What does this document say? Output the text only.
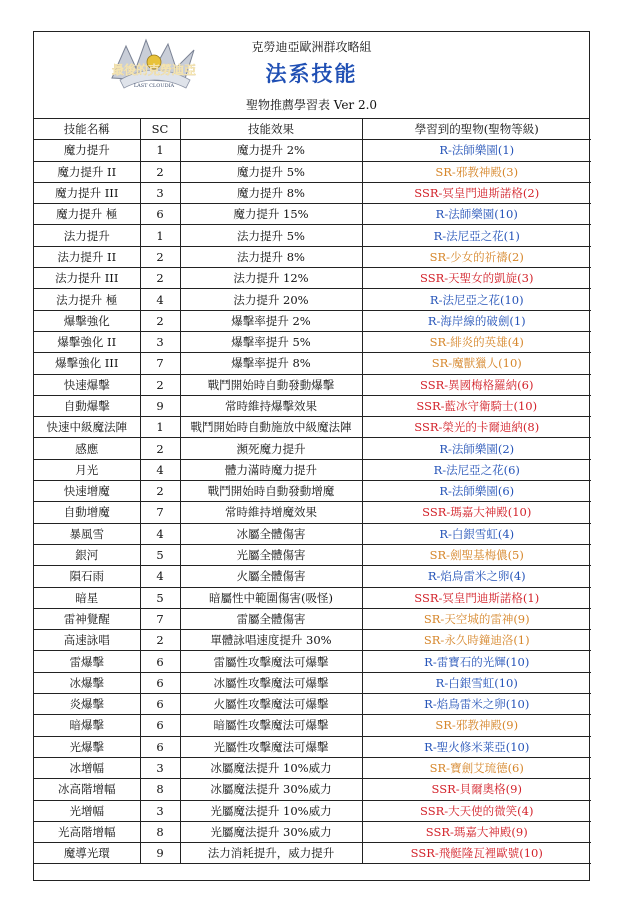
克勞迪亞歐洲群攻略組
最後的克勞迪亞
LAST CLOUDIA	法系技能
聖物推薦學習表 Ver 2.0
技能名稱	SC	技能效果	學習到的聖物(聖物等級)
魔力提升	1	魔力提升 2%	R-法師樂園(1)
魔力提升 II	2	魔力提升 5%	SR-邪教神殿(3)
魔力提升 III	3	魔力提升 8%	SSR-冥皇門迪斯諾格(2)
魔力提升 極	6	魔力提升 15%	R-法師樂園(10)
法力提升	1	法力提升 5%	R-法尼亞之花(1)
法力提升 II	2	法力提升 8%	SR-少女的祈禱(2)
法力提升 III	2	法力提升 12%	SSR-天聖女的凱旋(3)
法力提升 極	4	法力提升 20%	R-法尼亞之花(10)
爆擊強化	2	爆擊率提升 2%	R-海岸線的破劍(1)
爆擊強化 II	3	爆擊率提升 5%	SR-緋炎的英雄(4)
爆擊強化 III	7	爆擊率提升 8%	SR-魔獸獵人(10)
快速爆擊	2	戰鬥開始時自動發動爆擊	SSR-異國梅格羅納(6)
自動爆擊	9	常時維持爆擊效果	SSR-藍冰守衛騎士(10)
快速中級魔法陣	1	戰鬥開始時自動施放中級魔法陣	SSR-榮光的卡爾迪納(8)
感應	2	瀕死魔力提升	R-法師樂園(2)
月光	4	體力滿時魔力提升	R-法尼亞之花(6)
快速增魔	2	戰鬥開始時自動發動增魔	R-法師樂園(6)
自動增魔	7	常時維持增魔效果	SSR-瑪嘉大神殿(10)
暴風雪	4	冰屬全體傷害	R-白銀雪虹(4)
銀河	5	光屬全體傷害	SR-劍聖基梅儂(5)
隕石雨	4	火屬全體傷害	R-焰鳥雷米之卵(4)
暗星	5	暗屬性中範圍傷害(吸怪)	SSR-冥皇門迪斯諾格(1)
雷神覺醒	7	雷屬全體傷害	SR-天空城的雷神(9)
高速詠唱	2	單體詠唱速度提升 30%	SR-永久時鐘迪洛(1)
雷爆擊	6	雷屬性攻擊魔法可爆擊	R-雷寶石的光輝(10)
冰爆擊	6	冰屬性攻擊魔法可爆擊	R-白銀雪虹(10)
炎爆擊	6	火屬性攻擊魔法可爆擊	R-焰鳥雷米之卵(10)
暗爆擊	6	暗屬性攻擊魔法可爆擊	SR-邪教神殿(9)
光爆擊	6	光屬性攻擊魔法可爆擊	R-聖火修米莱亞(10)
冰增幅	3	冰屬魔法提升 10%威力	SR-寶劍艾琉德(6)
冰高階增幅	8	冰屬魔法提升 30%威力	SSR-貝爾奧格(9)
光增幅	3	光屬魔法提升 10%威力	SSR-大天使的微笑(4)
光高階增幅	8	光屬魔法提升 30%威力	SSR-瑪嘉大神殿(9)
魔導光環	9	法力消耗提升，威力提升	SSR-飛艇隆瓦裡歐號(10)
